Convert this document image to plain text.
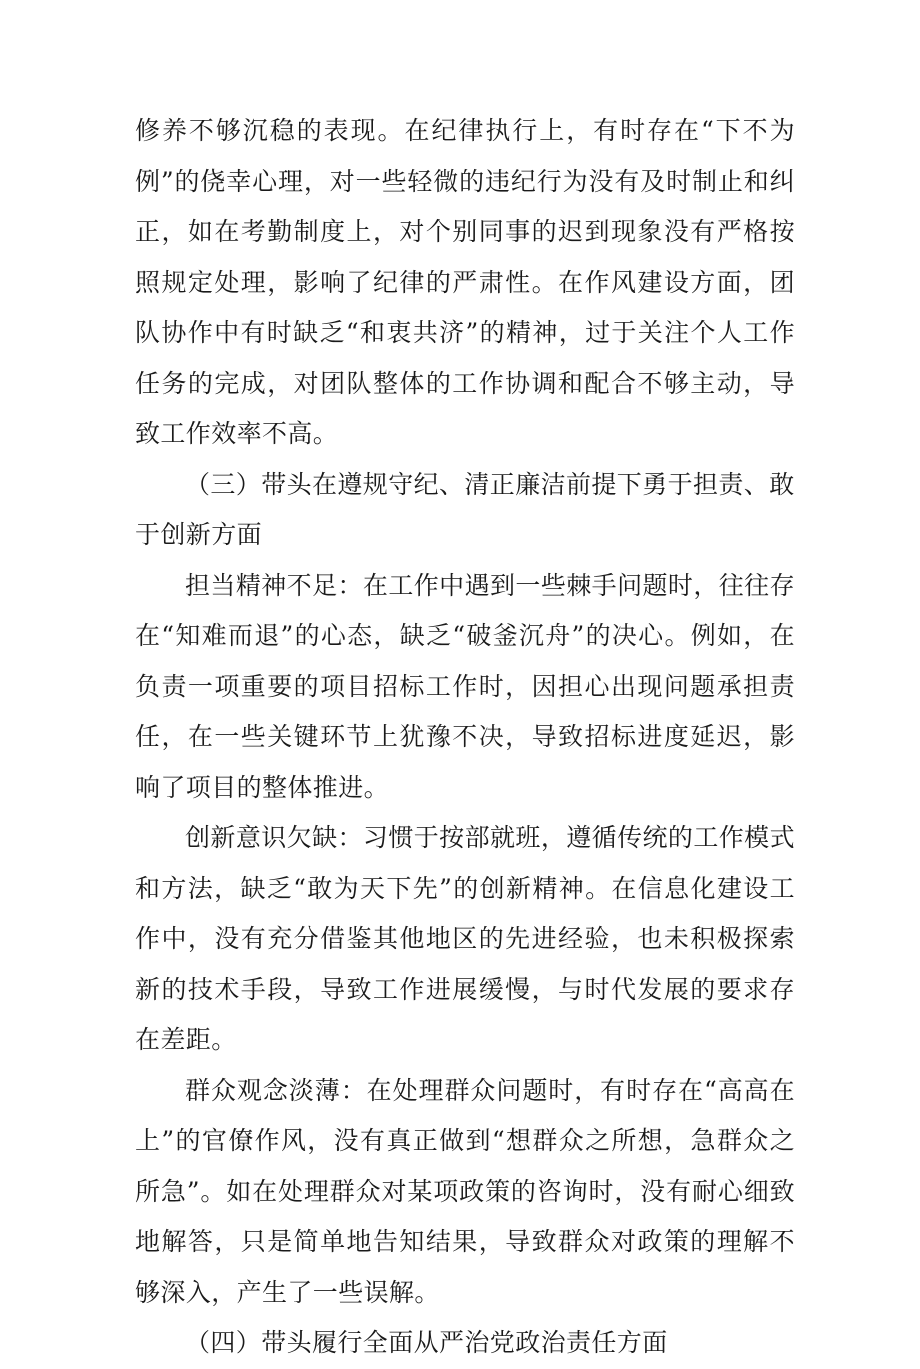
修养不够沉稳的表现。在纪律执行上，有时存在“下不为例”的侥幸心理，对一些轻微的违纪行为没有及时制止和纠正，如在考勤制度上，对个别同事的迟到现象没有严格按照规定处理，影响了纪律的严肃性。在作风建设方面，团队协作中有时缺乏“和衷共济”的精神，过于关注个人工作任务的完成，对团队整体的工作协调和配合不够主动，导致工作效率不高。

（三）带头在遵规守纪、清正廉洁前提下勇于担责、敢于创新方面

担当精神不足：在工作中遇到一些棘手问题时，往往存在“知难而退”的心态，缺乏“破釜沉舟”的决心。例如，在负责一项重要的项目招标工作时，因担心出现问题承担责任，在一些关键环节上犹豫不决，导致招标进度延迟，影响了项目的整体推进。

创新意识欠缺：习惯于按部就班，遵循传统的工作模式和方法，缺乏“敢为天下先”的创新精神。在信息化建设工作中，没有充分借鉴其他地区的先进经验，也未积极探索新的技术手段，导致工作进展缓慢，与时代发展的要求存在差距。

群众观念淡薄：在处理群众问题时，有时存在“高高在上”的官僚作风，没有真正做到“想群众之所想，急群众之所急”。如在处理群众对某项政策的咨询时，没有耐心细致地解答，只是简单地告知结果，导致群众对政策的理解不够深入，产生了一些误解。

（四）带头履行全面从严治党政治责任方面
